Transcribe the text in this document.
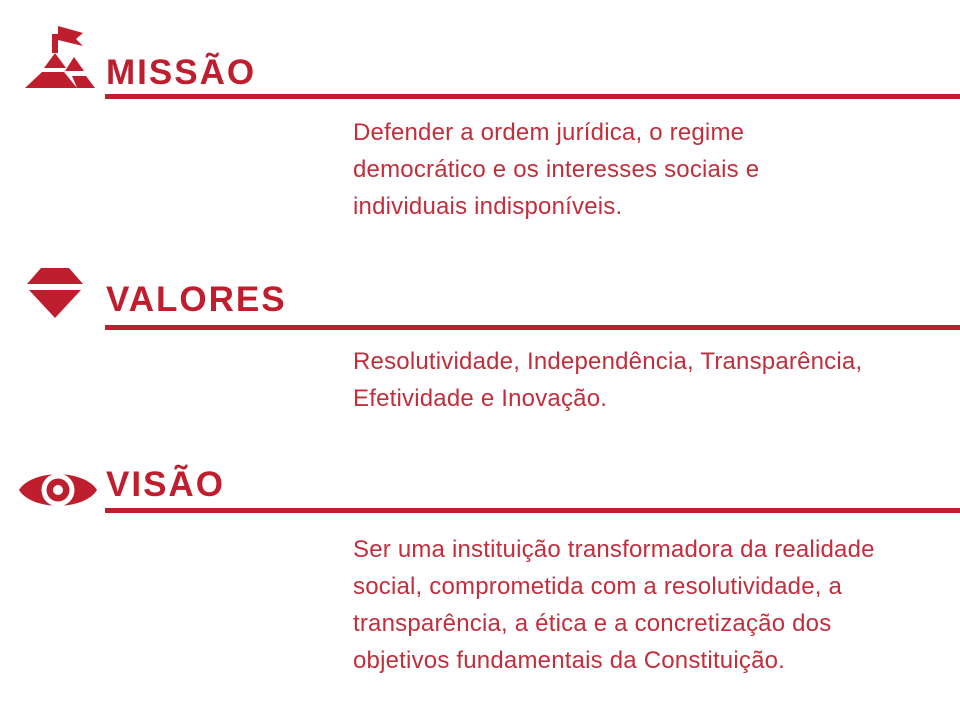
MISSÃO
Defender a ordem jurídica, o regime
democrático e os interesses sociais e
individuais indisponíveis.
VALORES
Resolutividade, Independência, Transparência,
Efetividade e Inovação.
VISÃO
Ser uma instituição transformadora da realidade
social, comprometida com a resolutividade, a
transparência, a ética e a concretização dos
objetivos fundamentais da Constituição.
